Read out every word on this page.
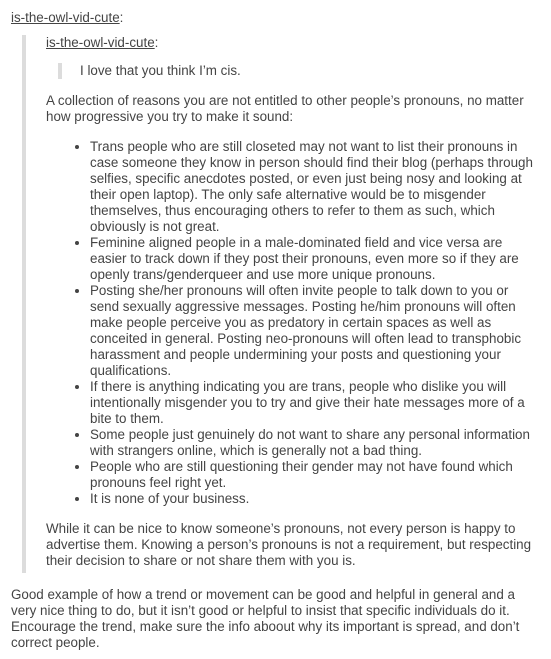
is-the-owl-vid-cute:

is-the-owl-vid-cute:

I love that you think I’m cis.

A collection of reasons you are not entitled to other people’s pronouns, no matter how progressive you try to make it sound:

• Trans people who are still closeted may not want to list their pronouns in case someone they know in person should find their blog (perhaps through selfies, specific anecdotes posted, or even just being nosy and looking at their open laptop). The only safe alternative would be to misgender themselves, thus encouraging others to refer to them as such, which obviously is not great.
• Feminine aligned people in a male-dominated field and vice versa are easier to track down if they post their pronouns, even more so if they are openly trans/genderqueer and use more unique pronouns.
• Posting she/her pronouns will often invite people to talk down to you or send sexually aggressive messages. Posting he/him pronouns will often make people perceive you as predatory in certain spaces as well as conceited in general. Posting neo-pronouns will often lead to transphobic harassment and people undermining your posts and questioning your qualifications.
• If there is anything indicating you are trans, people who dislike you will intentionally misgender you to try and give their hate messages more of a bite to them.
• Some people just genuinely do not want to share any personal information with strangers online, which is generally not a bad thing.
• People who are still questioning their gender may not have found which pronouns feel right yet.
• It is none of your business.

While it can be nice to know someone’s pronouns, not every person is happy to advertise them. Knowing a person’s pronouns is not a requirement, but respecting their decision to share or not share them with you is.

Good example of how a trend or movement can be good and helpful in general and a very nice thing to do, but it isn’t good or helpful to insist that specific individuals do it. Encourage the trend, make sure the info aboout why its important is spread, and don’t correct people.
